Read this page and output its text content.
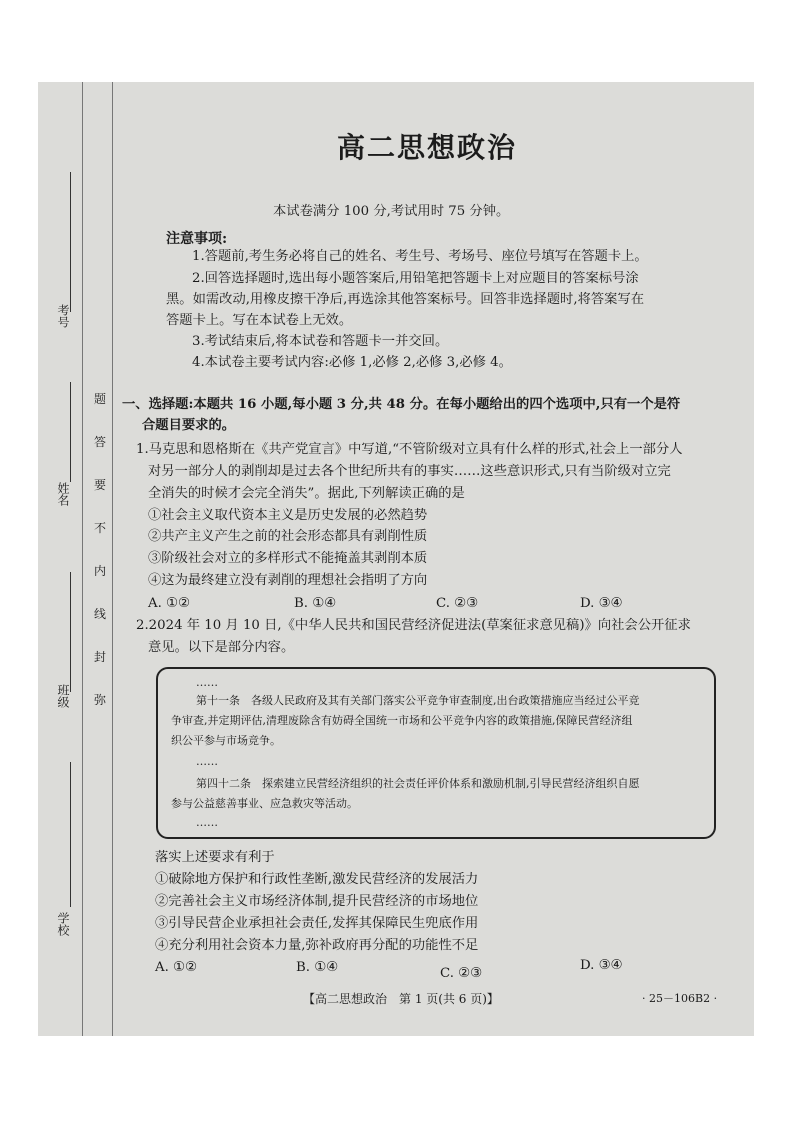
考号
姓名
班级
学校
题
答
要
不
内
线
封
弥
高二思想政治
本试卷满分 100 分,考试用时 75 分钟。
注意事项:
1.答题前,考生务必将自己的姓名、考生号、考场号、座位号填写在答题卡上。
2.回答选择题时,选出每小题答案后,用铅笔把答题卡上对应题目的答案标号涂
黑。如需改动,用橡皮擦干净后,再选涂其他答案标号。回答非选择题时,将答案写在
答题卡上。写在本试卷上无效。
3.考试结束后,将本试卷和答题卡一并交回。
4.本试卷主要考试内容:必修 1,必修 2,必修 3,必修 4。
一、选择题:本题共 16 小题,每小题 3 分,共 48 分。在每小题给出的四个选项中,只有一个是符
合题目要求的。
1.马克思和恩格斯在《共产党宣言》中写道,“不管阶级对立具有什么样的形式,社会上一部分人
对另一部分人的剥削却是过去各个世纪所共有的事实……这些意识形式,只有当阶级对立完
全消失的时候才会完全消失”。据此,下列解读正确的是
①社会主义取代资本主义是历史发展的必然趋势
②共产主义产生之前的社会形态都具有剥削性质
③阶级社会对立的多样形式不能掩盖其剥削本质
④这为最终建立没有剥削的理想社会指明了方向
A. ①②	B. ①④	C. ②③	D. ③④
2.2024 年 10 月 10 日,《中华人民共和国民营经济促进法(草案征求意见稿)》向社会公开征求
意见。以下是部分内容。
……
第十一条　各级人民政府及其有关部门落实公平竞争审查制度,出台政策措施应当经过公平竞
争审查,并定期评估,清理废除含有妨碍全国统一市场和公平竞争内容的政策措施,保障民营经济组
织公平参与市场竞争。
……
第四十二条　探索建立民营经济组织的社会责任评价体系和激励机制,引导民营经济组织自愿
参与公益慈善事业、应急救灾等活动。
……
落实上述要求有利于
①破除地方保护和行政性垄断,激发民营经济的发展活力
②完善社会主义市场经济体制,提升民营经济的市场地位
③引导民营企业承担社会责任,发挥其保障民生兜底作用
④充分利用社会资本力量,弥补政府再分配的功能性不足
A. ①②	B. ①④	C. ②③
D. ③④
【高二思想政治　第 1 页(共 6 页)】	· 25－106B2 ·
